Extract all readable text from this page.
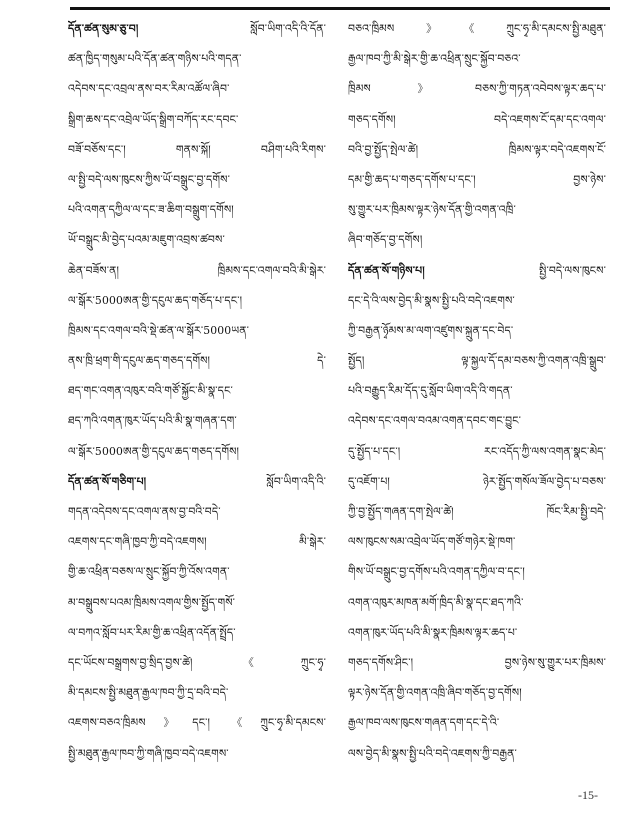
དོན་ཚན་སུམ་ཅུ་བ། སློབ་ཡིག་འདི་འི་དོན་
ཚན་ཁྱིད་གསུམ་པའི་དོན་ཚན་གཉིས་པའི་གདན་
འདེབས་དང་འབྲལ་ནས་བར་རིམ་འཚོལ་ཞིབ་
སྒྲིག་ཆས་དང་འབྲེལ་ཡོད་སྒྲིག་བཀོད་རང་དབང་
བཟོ་བཅོས་དང་། གནས་སྐོ། བཤིག་པའི་རིགས་
ལ་སྤྱི་བདེ་ལས་ཁུངས་ཀྱིས་ཡོ་བསྒྲུང་བྱ་དགོས་
པའི་འགན་དཀྱིལ་ལ་དང་ཟ་ཆིག་བསྒྲུག་དགོས།
ཡོ་བསྒྲུང་མི་བྱེད་པའམ་མཇུག་འབྲས་ཚབས་
ཆེན་བཟོས་ན། ཁྲིམས་དང་འགལ་བའི་མི་སྒེར་
ལ་སྒོར་5000ཨན་གྱི་དངུལ་ཆད་གཅོད་པ་དང་།
ཁྲིམས་དང་འགལ་བའི་སྡེ་ཚན་ལ་སྒོར་5000ཡན་
ནས་ཁྲི་ཕྲག་གི་དངུལ་ཆད་གཅད་དགོས། དེ་
ཐད་གང་འགན་འཁུར་བའི་གཙོ་སྐྱོང་མི་སྣ་དང་
ཐད་ཀའི་འགན་ཁུར་ཡོད་པའི་མི་སྣ་གཞན་དག་
ལ་སྒོར་5000ཨན་གྱི་དངུལ་ཆད་གཅད་དགོས།
དོན་ཚན་སོ་གཅིག་པ། སློབ་ཡིག་འདི་འི་
གདན་འདེབས་དང་འགལ་ནས་བྱ་བའི་བདེ་
འཇགས་དང་གཞི་ཁྱབ་ཀྱི་བདེ་འཇགས། མི་སྒེར་
གྱི་ཆ་འཕྲིན་བཅས་ལ་སྲུང་སྐྱོབ་ཀྱི་འོས་འགན་
མ་བསྒྲུབས་པའམ་ཁྲིམས་འགལ་གྱིས་སྤྱོད་གསོ་
ལ་བཀའ་སློབ་པར་རིམ་གྱི་ཆ་འཕྲིན་འདོན་སྤྲོད་
དང་ཡོངས་བསྒྲགས་བྱ་སྲིད་བྱས་ཚེ། 《ཀྲུང་ཧྭ་
མི་དམངས་སྤྱི་མཐུན་རྒྱལ་ཁབ་ཀྱི་དྲ་བའི་བདེ་
འཇགས་བཅའ་ཁྲིམས》དང་། 《ཀྲུང་ཧྭ་མི་དམངས་
སྤྱི་མཐུན་རྒྱལ་ཁབ་ཀྱི་གཞི་ཁྱབ་བདེ་འཇགས་
བཅའ་ཁྲིམས》《ཀྲུང་ཧྭ་མི་དམངས་སྤྱི་མཐུན་
རྒྱལ་ཁབ་ཀྱི་མི་སྒེར་གྱི་ཆ་འཕྲིན་སྲུང་སྐྱོབ་བཅའ་
ཁྲིམས》བཅས་ཀྱི་གཏན་འབེབས་ལྟར་ཆད་པ་
གཅད་དགོས། བདེ་འཇགས་ངོ་དམ་དང་འགལ་
བའི་བྱ་སྤྱོད་སྤེལ་ཚེ། ཁྲིམས་ལྟར་བདེ་འཇགས་ངོ་
དམ་གྱི་ཆད་པ་གཅད་དགོས་པ་དང་། བྱས་ཉེས་
སུ་གྱུར་པར་ཁྲིམས་ལྟར་ཉེས་དོན་གྱི་འགན་འཁྲི་
ཞིབ་གཅོད་བྱ་དགོས།
དོན་ཚན་སོ་གཉིས་པ། སྤྱི་བདེ་ལས་ཁུངས་
དང་དེ་འི་ལས་བྱེད་མི་སྣས་སྤྱི་པའི་བདེ་འཇགས་
ཀྱི་བརྒྱན་ཉྭོམས་མ་ལག་འཛུགས་སྐྲུན་དང་བེད་
སྤྱོད། ལྟ་སྐྱལ་དོ་དམ་བཅས་ཀྱི་འགན་འཁྲི་སྒྲུབ་
པའི་བརྒྱུད་རིམ་དོད་དུ་སློབ་ཡིག་འདི་འི་གདན་
འདེབས་དང་འགལ་བའམ་འགན་དབང་གང་བྱུང་
དུ་སྤྱོད་པ་དང་། རང་འདོད་ཀྱི་ལས་འགན་སྣང་མེད་
དུ་འཇོག་པ། ཉེར་སྤྱོད་གསོལ་ཟོལ་བྱེད་པ་བཅས་
ཀྱི་བྱ་སྤྱོད་གཞན་དག་སྤེལ་ཚེ། ཁོང་རིམ་སྤྱི་བདེ་
ལས་ཁུངས་སམ་འབྲེལ་ཡོད་གཙོ་གཉེར་སྡེ་ཁག་
གིས་ཡོ་བསྒྲུང་བྱ་དགོས་པའི་འགན་དཀྱིལ་བ་དང་།
འགན་འཁུར་མཁན་མགོ་ཁྲིད་མི་སྣ་དང་ཐད་ཀའི་
འགན་ཁུར་ཡོད་པའི་མི་སྣར་ཁྲིམས་ལྟར་ཆད་པ་
གཅད་དགོས་ཤིང་། བྱས་ཉེས་སུ་གྱུར་པར་ཁྲིམས་
ལྟར་ཉེས་དོན་གྱི་འགན་འཁྲི་ཞིབ་གཅོད་བྱ་དགོས།
རྒྱལ་ཁབ་ལས་ཁུངས་གཞན་དག་དང་དེ་འི་
ལས་བྱེད་མི་སྣས་སྤྱི་པའི་བདེ་འཇགས་ཀྱི་བརྒྱན་
-15-
